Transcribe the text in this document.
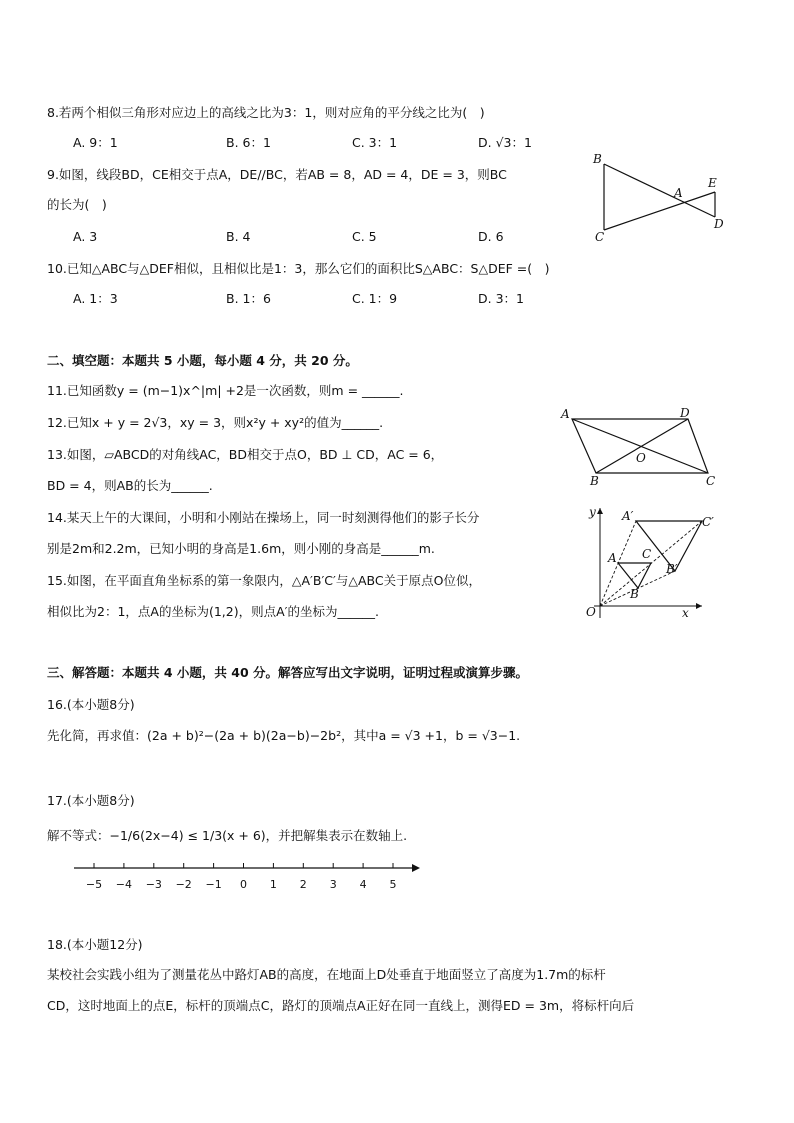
8.若两个相似三角形对应边上的高线之比为3：1，则对应角的平分线之比为(　)
A. 9：1	B. 6：1	C. 3：1	D. √3：1
9.如图，线段BD，CE相交于点A，DE//BC，若AB = 8，AD = 4，DE = 3，则BC
的长为(　)
A. 3	B. 4	C. 5	D. 6
B
A
E
D
C
10.已知△ABC与△DEF相似，且相似比是1：3，那么它们的面积比S△ABC：S△DEF =(　)
A. 1：3	B. 1：6	C. 1：9	D. 3：1
二、填空题：本题共 5 小题，每小题 4 分，共 20 分。
11.已知函数y = (m−1)x^|m| +2是一次函数，则m = ______.
12.已知x + y = 2√3，xy = 3，则x²y + xy²的值为______.
13.如图，▱ABCD的对角线AC，BD相交于点O，BD ⊥ CD，AC = 6，
BD = 4，则AB的长为______.
A	D
O
B	C
14.某天上午的大课间，小明和小刚站在操场上，同一时刻测得他们的影子长分
别是2m和2.2m，已知小明的身高是1.6m，则小刚的身高是______m.
15.如图，在平面直角坐标系的第一象限内，△A′B′C′与△ABC关于原点O位似，
相似比为2：1，点A的坐标为(1,2)，则点A′的坐标为______.
y A′	C′
A C
B′
B
O	x
三、解答题：本题共 4 小题，共 40 分。解答应写出文字说明，证明过程或演算步骤。
16.(本小题8分)
先化简，再求值：(2a + b)²−(2a + b)(2a−b)−2b²，其中a = √3 +1，b = √3−1.
17.(本小题8分)
解不等式：−1/6(2x−4) ≤ 1/3(x + 6)，并把解集表示在数轴上.
−5 −4 −3 −2 −1 0 1 2 3 4 5
18.(本小题12分)
某校社会实践小组为了测量花丛中路灯AB的高度，在地面上D处垂直于地面竖立了高度为1.7m的标杆
CD，这时地面上的点E，标杆的顶端点C，路灯的顶端点A正好在同一直线上，测得ED = 3m，将标杆向后
